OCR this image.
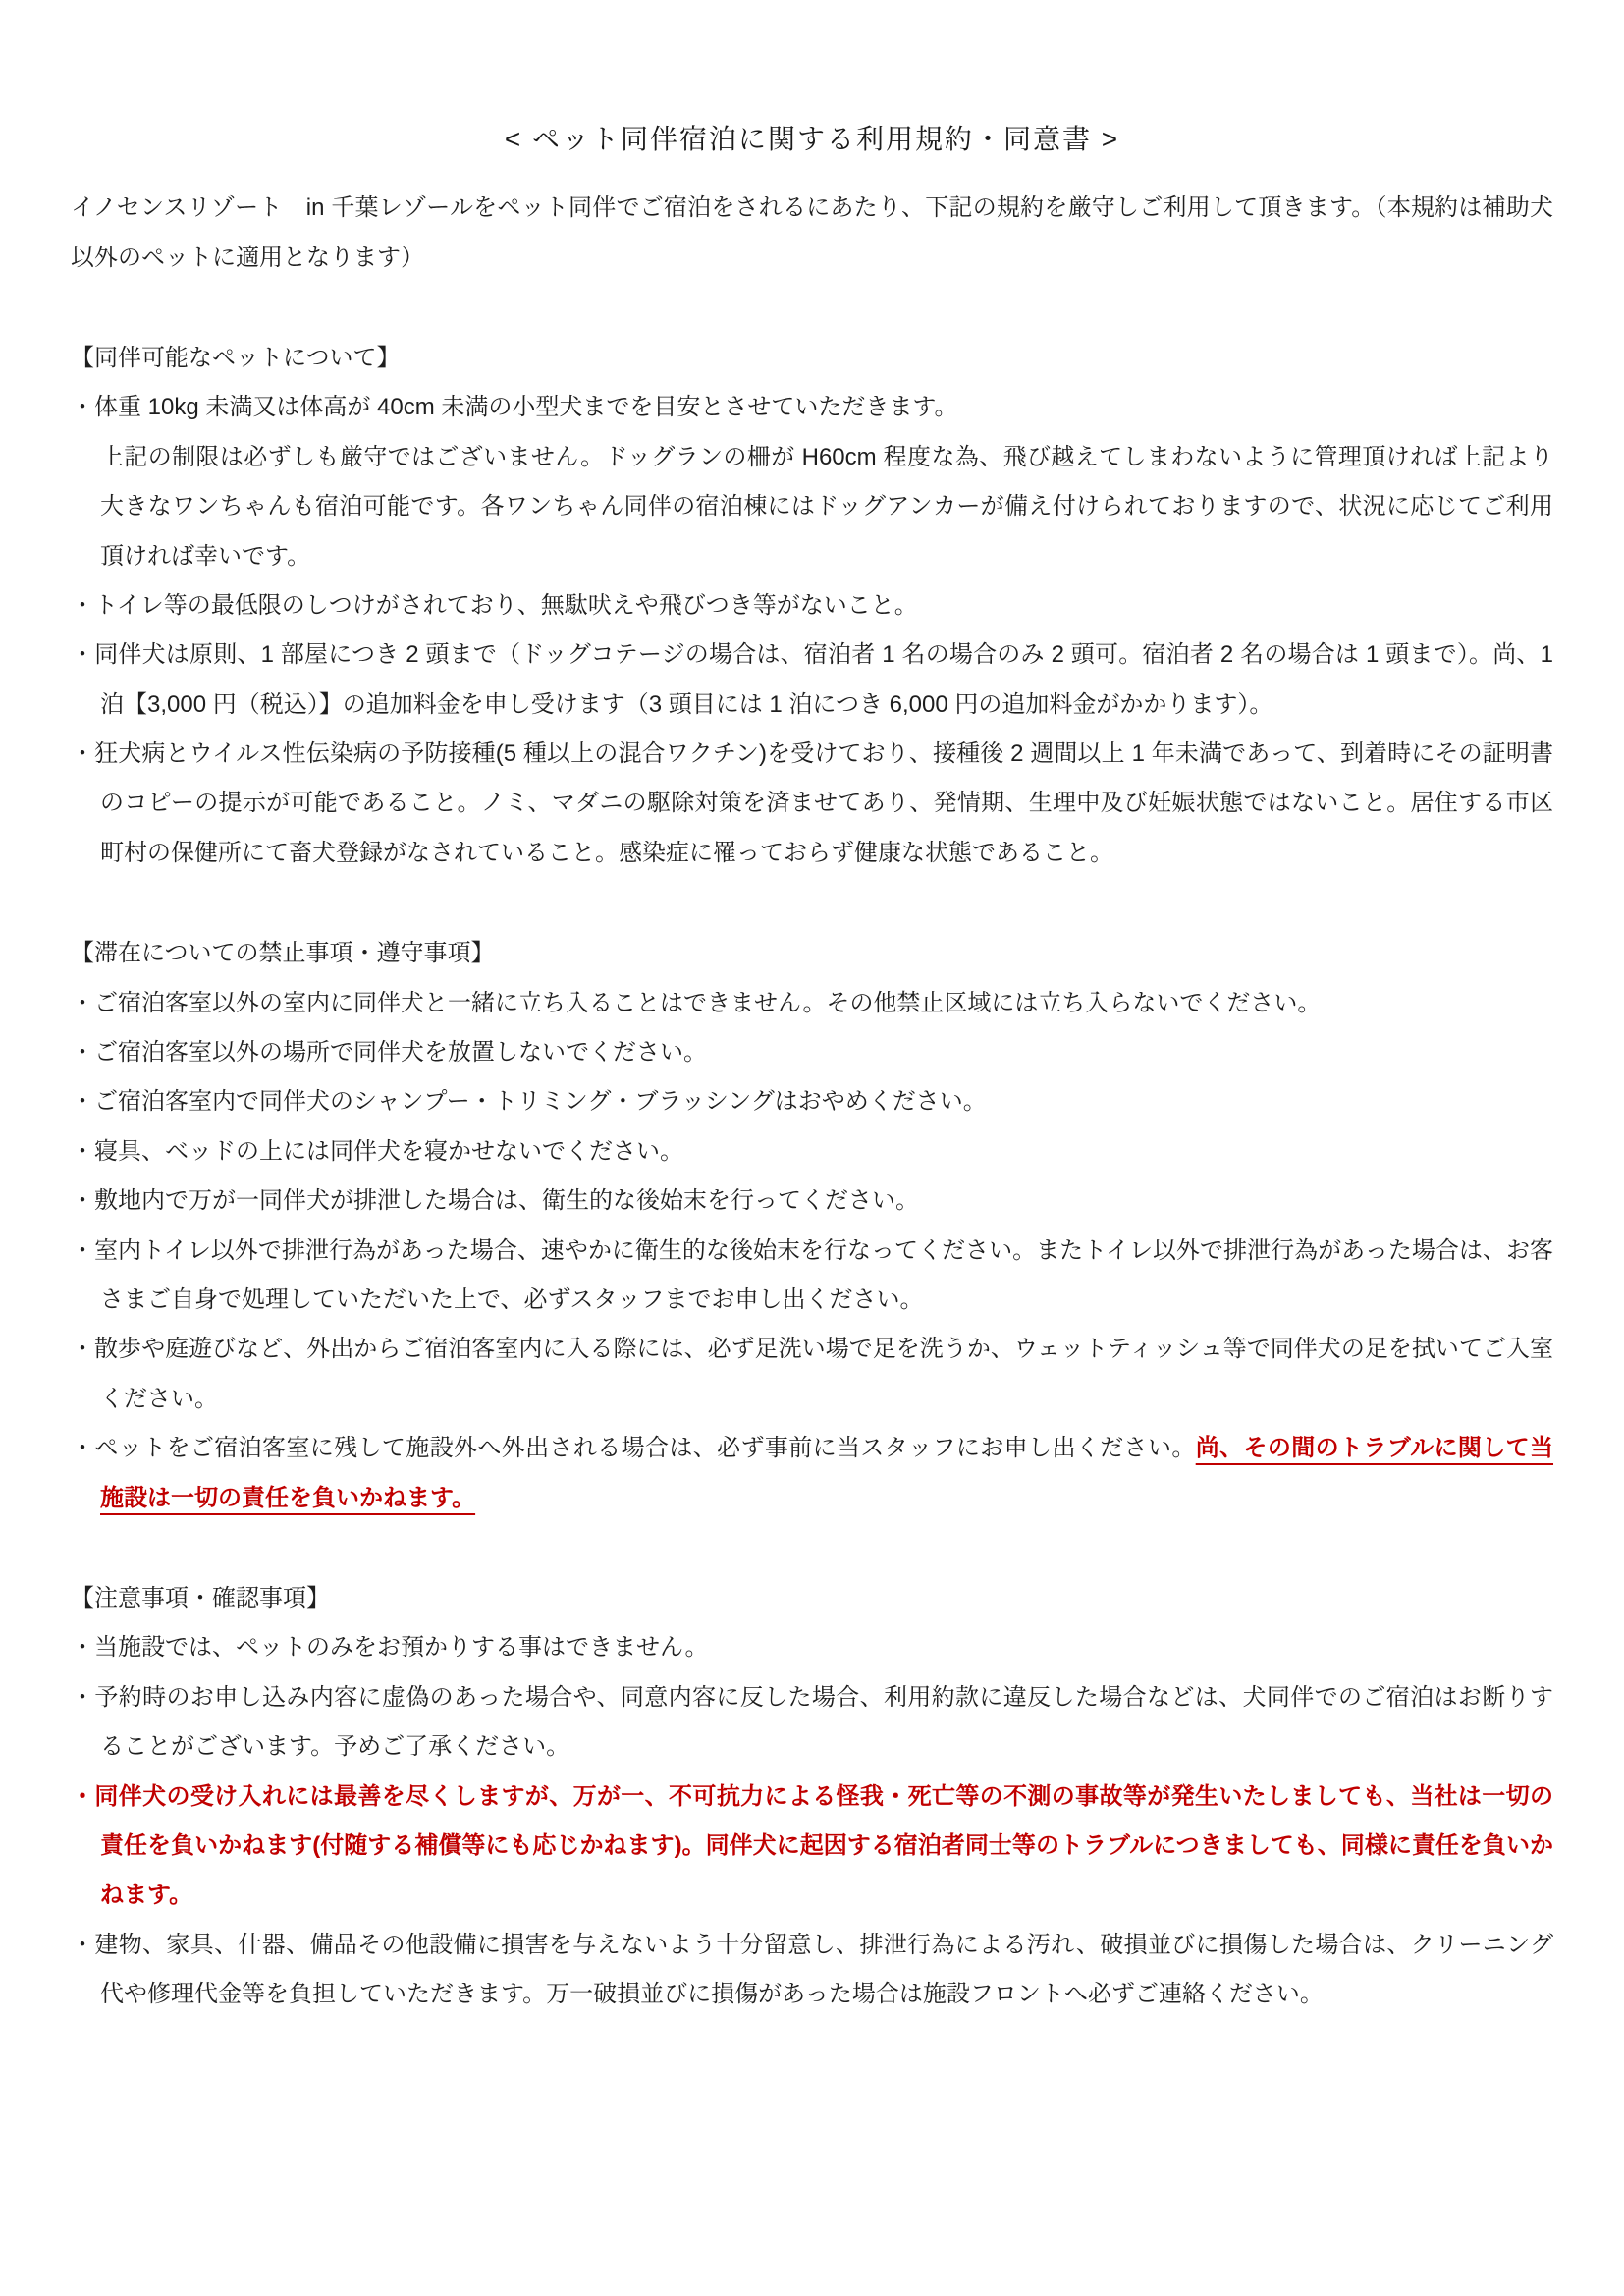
< ペット同伴宿泊に関する利用規約・同意書 >

イノセンスリゾート　in 千葉レゾールをペット同伴でご宿泊をされるにあたり、下記の規約を厳守しご利用して頂きます。（本規約は補助犬以外のペットに適用となります）

【同伴可能なペットについて】

・体重 10kg 未満又は体高が 40cm 未満の小型犬までを目安とさせていただきます。

上記の制限は必ずしも厳守ではございません。ドッグランの柵が H60cm 程度な為、飛び越えてしまわないように管理頂ければ上記より大きなワンちゃんも宿泊可能です。各ワンちゃん同伴の宿泊棟にはドッグアンカーが備え付けられておりますので、状況に応じてご利用頂ければ幸いです。

・トイレ等の最低限のしつけがされており、無駄吠えや飛びつき等がないこと。

・同伴犬は原則、1 部屋につき 2 頭まで（ドッグコテージの場合は、宿泊者 1 名の場合のみ 2 頭可。宿泊者 2 名の場合は 1 頭まで）。尚、1 泊【3,000 円（税込）】の追加料金を申し受けます（3 頭目には 1 泊につき 6,000 円の追加料金がかかります）。

・狂犬病とウイルス性伝染病の予防接種(5 種以上の混合ワクチン)を受けており、接種後 2 週間以上 1 年未満であって、到着時にその証明書のコピーの提示が可能であること。ノミ、マダニの駆除対策を済ませてあり、発情期、生理中及び妊娠状態ではないこと。居住する市区町村の保健所にて畜犬登録がなされていること。感染症に罹っておらず健康な状態であること。

【滞在についての禁止事項・遵守事項】

・ご宿泊客室以外の室内に同伴犬と一緒に立ち入ることはできません。その他禁止区域には立ち入らないでください。

・ご宿泊客室以外の場所で同伴犬を放置しないでください。

・ご宿泊客室内で同伴犬のシャンプー・トリミング・ブラッシングはおやめください。

・寝具、ベッドの上には同伴犬を寝かせないでください。

・敷地内で万が一同伴犬が排泄した場合は、衛生的な後始末を行ってください。

・室内トイレ以外で排泄行為があった場合、速やかに衛生的な後始末を行なってください。またトイレ以外で排泄行為があった場合は、お客さまご自身で処理していただいた上で、必ずスタッフまでお申し出ください。

・散歩や庭遊びなど、外出からご宿泊客室内に入る際には、必ず足洗い場で足を洗うか、ウェットティッシュ等で同伴犬の足を拭いてご入室ください。

・ペットをご宿泊客室に残して施設外へ外出される場合は、必ず事前に当スタッフにお申し出ください。尚、その間のトラブルに関して当施設は一切の責任を負いかねます。

【注意事項・確認事項】

・当施設では、ペットのみをお預かりする事はできません。

・予約時のお申し込み内容に虚偽のあった場合や、同意内容に反した場合、利用約款に違反した場合などは、犬同伴でのご宿泊はお断りすることがございます。予めご了承ください。

・同伴犬の受け入れには最善を尽くしますが、万が一、不可抗力による怪我・死亡等の不測の事故等が発生いたしましても、当社は一切の責任を負いかねます(付随する補償等にも応じかねます)。同伴犬に起因する宿泊者同士等のトラブルにつきましても、同様に責任を負いかねます。

・建物、家具、什器、備品その他設備に損害を与えないよう十分留意し、排泄行為による汚れ、破損並びに損傷した場合は、クリーニング代や修理代金等を負担していただきます。万一破損並びに損傷があった場合は施設フロントへ必ずご連絡ください。
